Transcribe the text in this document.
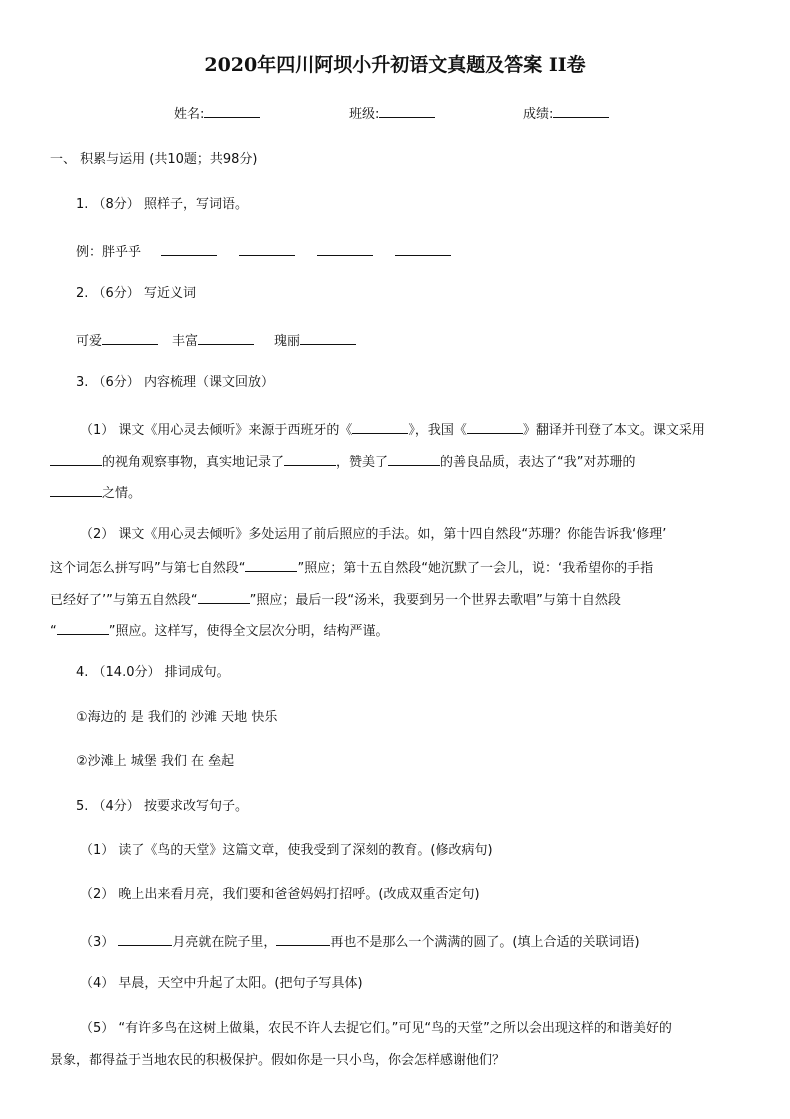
2020年四川阿坝小升初语文真题及答案 II卷
姓名:	班级:	成绩:
一、 积累与运用 (共10题；共98分)
1. （8分） 照样子，写词语。
例：胖乎乎
2. （6分） 写近义词
可爱	丰富	瑰丽
3. （6分） 内容梳理（课文回放）
（1） 课文《用心灵去倾听》来源于西班牙的《	》，我国《	》翻译并刊登了本文。课文采用
的视角观察事物，真实地记录了	，赞美了	的善良品质，表达了“我”对苏珊的
之情。
（2） 课文《用心灵去倾听》多处运用了前后照应的手法。如，第十四自然段“苏珊？你能告诉我‘修理’
这个词怎么拼写吗”与第七自然段“	”照应；第十五自然段“她沉默了一会儿，说：‘我希望你的手指
已经好了’”与第五自然段“	”照应；最后一段“汤米，我要到另一个世界去歌唱”与第十自然段
“	”照应。这样写，使得全文层次分明，结构严谨。
4. （14.0分） 排词成句。
①海边的 是 我们的 沙滩 天地 快乐
②沙滩上 城堡 我们 在 垒起
5. （4分） 按要求改写句子。
（1） 读了《鸟的天堂》这篇文章，使我受到了深刻的教育。(修改病句)
（2） 晚上出来看月亮，我们要和爸爸妈妈打招呼。(改成双重否定句)
（3）	月亮就在院子里，	再也不是那么一个满满的圆了。(填上合适的关联词语)
（4） 早晨，天空中升起了太阳。(把句子写具体)
（5） “有许多鸟在这树上做巢，农民不许人去捉它们。”可见“鸟的天堂”之所以会出现这样的和谐美好的
景象，都得益于当地农民的积极保护。假如你是一只小鸟，你会怎样感谢他们？
